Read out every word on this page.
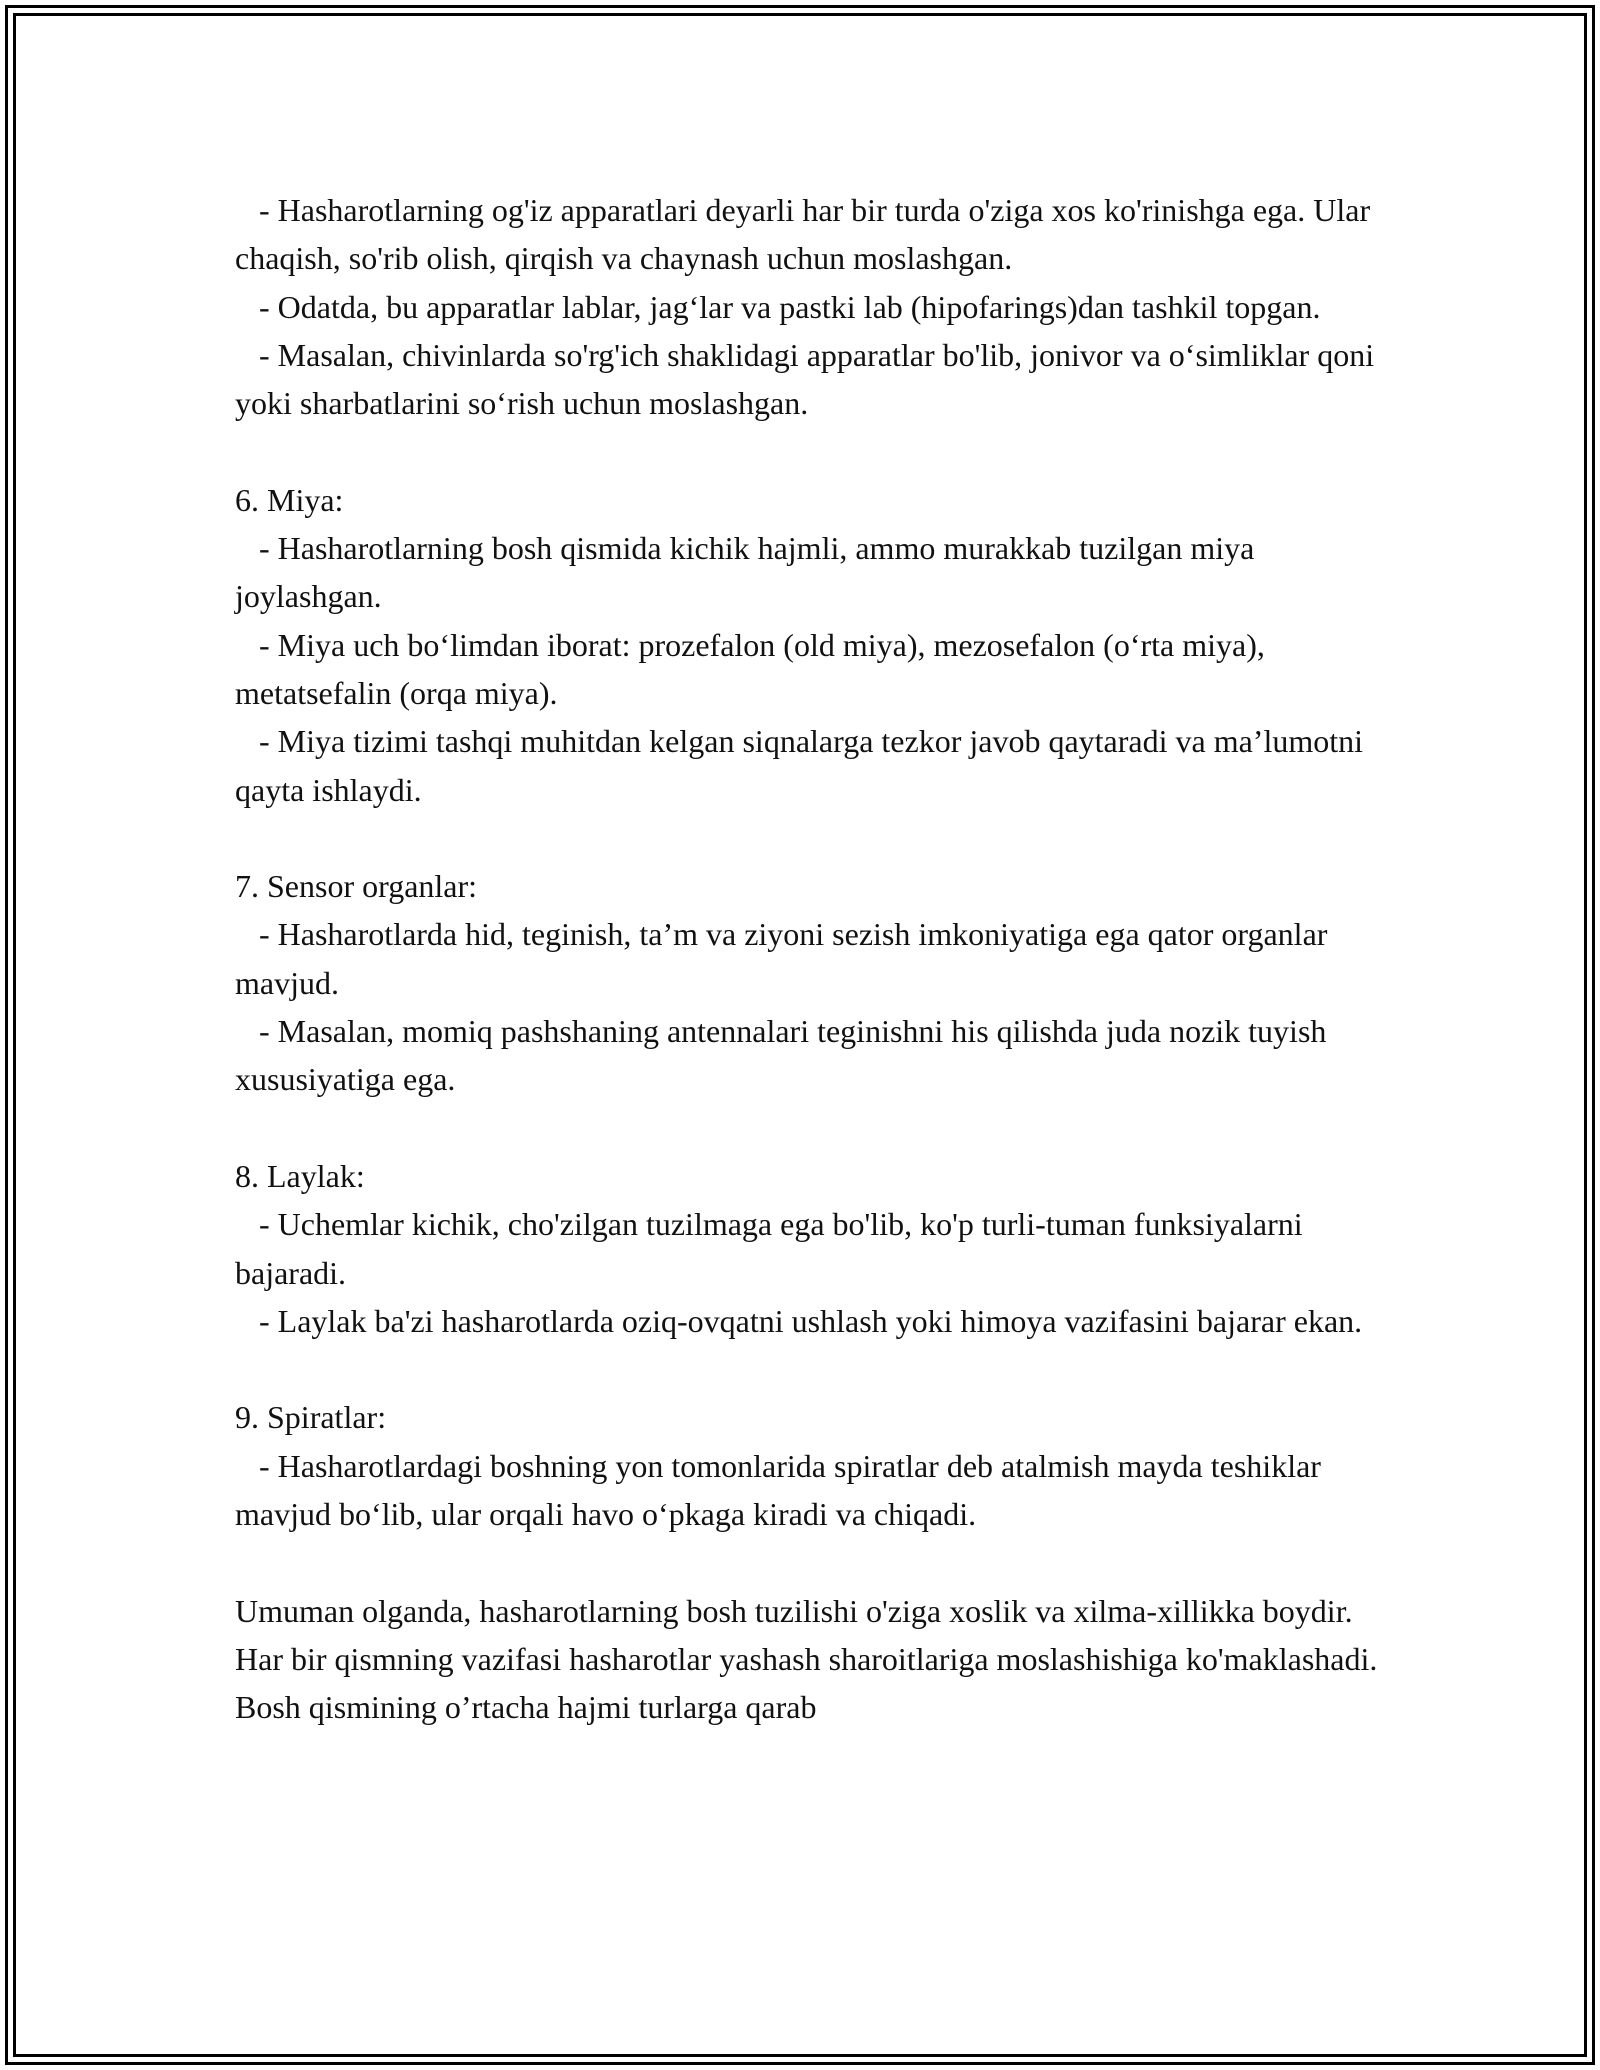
- Hasharotlarning og'iz apparatlari deyarli har bir turda o'ziga xos ko'rinishga ega. Ular chaqish, so'rib olish, qirqish va chaynash uchun moslashgan.

- Odatda, bu apparatlar lablar, jag‘lar va pastki lab (hipofarings)dan tashkil topgan.

- Masalan, chivinlarda so'rg'ich shaklidagi apparatlar bo'lib, jonivor va o‘simliklar qoni yoki sharbatlarini so‘rish uchun moslashgan.

6. Miya:

- Hasharotlarning bosh qismida kichik hajmli, ammo murakkab tuzilgan miya joylashgan.

- Miya uch bo‘limdan iborat: prozefalon (old miya), mezosefalon (o‘rta miya), metatsefalin (orqa miya).

- Miya tizimi tashqi muhitdan kelgan siqnalarga tezkor javob qaytaradi va ma’lumotni qayta ishlaydi.

7. Sensor organlar:

- Hasharotlarda hid, teginish, ta’m va ziyoni sezish imkoniyatiga ega qator organlar mavjud.

- Masalan, momiq pashshaning antennalari teginishni his qilishda juda nozik tuyish xususiyatiga ega.

8. Laylak:

- Uchemlar kichik, cho'zilgan tuzilmaga ega bo'lib, ko'p turli-tuman funksiyalarni bajaradi.

- Laylak ba'zi hasharotlarda oziq-ovqatni ushlash yoki himoya vazifasini bajarar ekan.

9. Spiratlar:

- Hasharotlardagi boshning yon tomonlarida spiratlar deb atalmish mayda teshiklar mavjud bo‘lib, ular orqali havo o‘pkaga kiradi va chiqadi.

Umuman olganda, hasharotlarning bosh tuzilishi o'ziga xoslik va xilma-xillikka boydir. Har bir qismning vazifasi hasharotlar yashash sharoitlariga moslashishiga ko'maklashadi. Bosh qismining o’rtacha hajmi turlarga qarab
